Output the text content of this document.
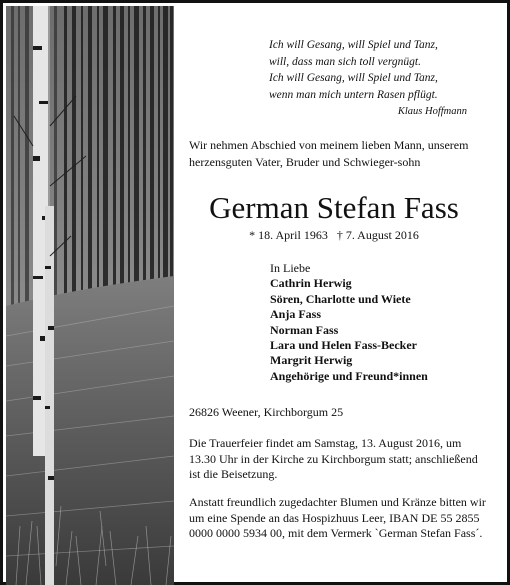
Ich will Gesang, will Spiel und Tanz,
will, dass man sich toll vergnügt.
Ich will Gesang, will Spiel und Tanz,
wenn man mich untern Rasen pflügt.
Klaus Hoffmann
Wir nehmen Abschied von meinem lieben Mann, unserem herzensguten Vater, Bruder und Schwieger-sohn
German Stefan Fass
* 18. April 1963   † 7. August 2016
In Liebe
Cathrin Herwig
Sören, Charlotte und Wiete
Anja Fass
Norman Fass
Lara und Helen Fass-Becker
Margrit Herwig
Angehörige und Freund*innen
26826 Weener, Kirchborgum 25
Die Trauerfeier findet am Samstag, 13. August 2016, um 13.30 Uhr in der Kirche zu Kirchborgum statt; anschließend ist die Beisetzung.
Anstatt freundlich zugedachter Blumen und Kränze bitten wir um eine Spende an das Hospizhuus Leer, IBAN DE 55 2855 0000 0000 5934 00, mit dem Vermerk `German Stefan Fass´.
